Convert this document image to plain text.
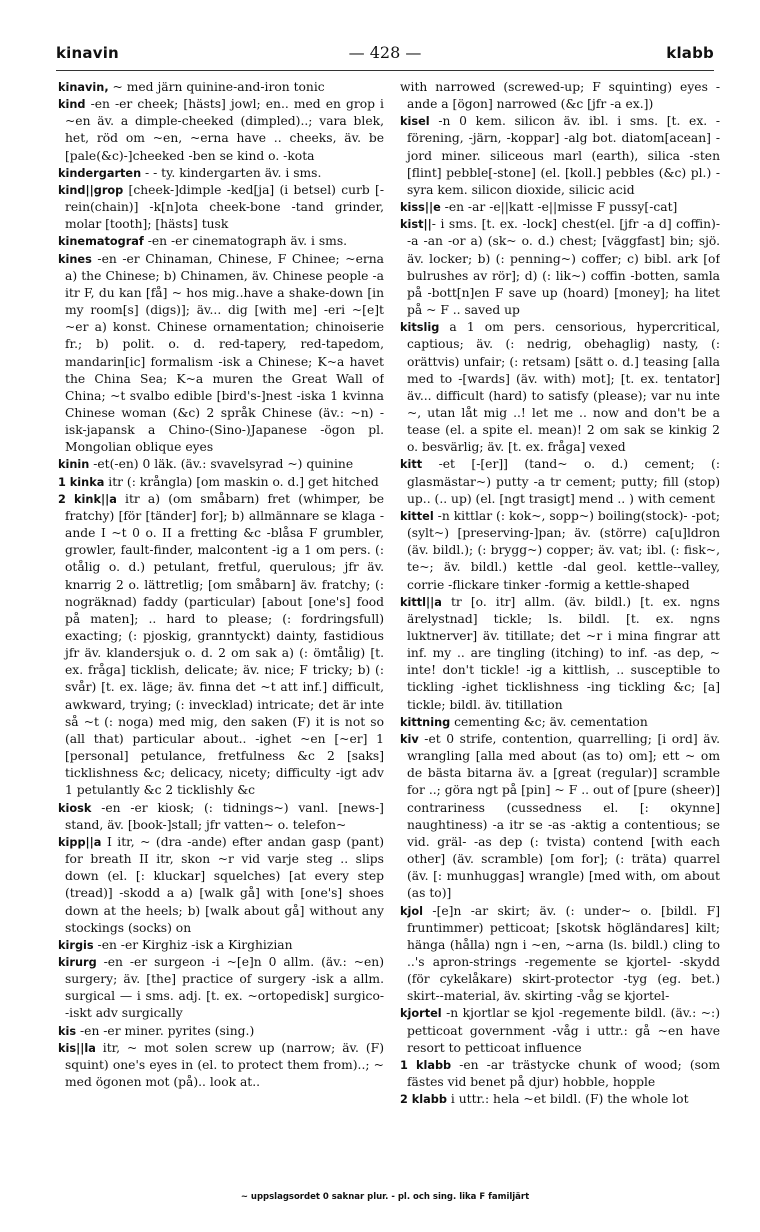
kinavin	— 428 —	klabb

kinavin, ~ med järn quinine-and-iron tonic

kind -en -er cheek; [hästs] jowl; en.. med en grop i ~en äv. a dimple-cheeked (dimpled)..; vara blek, het, röd om ~en, ~erna have .. cheeks, äv. be [pale(&c)-]cheeked -ben se kind o. -kota

kindergarten - - ty. kindergarten äv. i sms.

kind||grop [cheek-]dimple -ked[ja] (i betsel) curb [-rein(chain)] -k[n]ota cheek-bone -tand grinder, molar [tooth]; [hästs] tusk

kinematograf -en -er cinematograph äv. i sms.

kines -en -er Chinaman, Chinese, F Chinee; ~erna a) the Chinese; b) Chinamen, äv. Chinese people -a itr F, du kan [få] ~ hos mig..have a shake-down [in my room[s] (digs)]; äv... dig [with me] -eri ~[e]t ~er a) konst. Chinese ornamentation; chinoiserie fr.; b) polit. o. d. red-tapery, red-tapedom, mandarin[ic] formalism -isk a Chinese; K~a havet the China Sea; K~a muren the Great Wall of China; ~t svalbo edible [bird's-]nest -iska 1 kvinna Chinese woman (&c) 2 språk Chinese (äv.: ~n) -isk-japansk a Chino-(Sino-)Japanese -ögon pl. Mongolian oblique eyes

kinin -et(-en) 0 läk. (äv.: svavelsyrad ~) quinine

1 kinka itr (: krångla) [om maskin o. d.] get hitched

2 kink||a itr a) (om småbarn) fret (whimper, be fratchy) [för [tänder] for]; b) allmännare se klaga -ande I ~t 0 o. II a fretting &c -blåsa F grumbler, growler, fault-finder, malcontent -ig a 1 om pers. (: otålig o. d.) petulant, fretful, querulous; jfr äv. knarrig 2 o. lättretlig; [om småbarn] äv. fratchy; (: nogräknad) faddy (particular) [about [one's] food på maten]; .. hard to please; (: fordringsfull) exacting; (: pjoskig, granntyckt) dainty, fastidious jfr äv. klandersjuk o. d. 2 om sak a) (: ömtålig) [t. ex. fråga] ticklish, delicate; äv. nice; F tricky; b) (: svår) [t. ex. läge; äv. finna det ~t att inf.] difficult, awkward, trying; (: invecklad) intricate; det är inte så ~t (: noga) med mig, den saken (F) it is not so (all that) particular about.. -ighet ~en [~er] 1 [personal] petulance, fretfulness &c 2 [saks] ticklishness &c; delicacy, nicety; difficulty -igt adv 1 petulantly &c 2 ticklishly &c

kiosk -en -er kiosk; (: tidnings~) vanl. [news-] stand, äv. [book-]stall; jfr vatten~ o. telefon~

kipp||a I itr, ~ (dra -ande) efter andan gasp (pant) for breath II itr, skon ~r vid varje steg .. slips down (el. [: kluckar] squelches) [at every step (tread)] -skodd a a) [walk gå] with [one's] shoes down at the heels; b) [walk about gå] without any stockings (socks) on

kirgis -en -er Kirghiz -isk a Kirghizian

kirurg -en -er surgeon -i ~[e]n 0 allm. (äv.: ~en) surgery; äv. [the] practice of surgery -isk a allm. surgical — i sms. adj. [t. ex. ~ortopedisk] surgico- -iskt adv surgically

kis -en -er miner. pyrites (sing.)

kis||la itr, ~ mot solen screw up (narrow; äv. (F) squint) one's eyes in (el. to protect them from)..; ~ med ögonen mot (på).. look at..

with narrowed (screwed-up; F squinting) eyes -ande a [ögon] narrowed (&c [jfr -a ex.])

kisel -n 0 kem. silicon äv. ibl. i sms. [t. ex. -förening, -järn, -koppar] -alg bot. diatom[acean] -jord miner. siliceous marl (earth), silica -sten [flint] pebble[-stone] (el. [koll.] pebbles (&c) pl.) -syra kem. silicon dioxide, silicic acid

kiss||e -en -ar -e||katt -e||misse F pussy[-cat]

kist||- i sms. [t. ex. -lock] chest(el. [jfr -a d] coffin)- -a -an -or a) (sk~ o. d.) chest; [väggfast] bin; sjö. äv. locker; b) (: penning~) coffer; c) bibl. ark [of bulrushes av rör]; d) (: lik~) coffin -botten, samla på -bott[n]en F save up (hoard) [money]; ha litet på ~ F .. saved up

kitslig a 1 om pers. censorious, hypercritical, captious; äv. (: nedrig, obehaglig) nasty, (: orättvis) unfair; (: retsam) [sätt o. d.] teasing [alla med to -[wards] (äv. with) mot]; [t. ex. tentator] äv... difficult (hard) to satisfy (please); var nu inte ~, utan låt mig ..! let me .. now and don't be a tease (el. a spite el. mean)! 2 om sak se kinkig 2 o. besvärlig; äv. [t. ex. fråga] vexed

kitt -et [-[er]] (tand~ o. d.) cement; (: glasmästar~) putty -a tr cement; putty; fill (stop) up.. (.. up) (el. [ngt trasigt] mend .. ) with cement

kittel -n kittlar (: kok~, sopp~) boiling(stock)- -pot; (sylt~) [preserving-]pan; äv. (större) ca[u]ldron (äv. bildl.); (: brygg~) copper; äv. vat; ibl. (: fisk~, te~; äv. bildl.) kettle -dal geol. kettle--valley, corrie -flickare tinker -formig a kettle-shaped

kittl||a tr [o. itr] allm. (äv. bildl.) [t. ex. ngns ärelystnad] tickle; ls. bildl. [t. ex. ngns luktnerver] äv. titillate; det ~r i mina fingrar att inf. my .. are tingling (itching) to inf. -as dep, ~ inte! don't tickle! -ig a kittlish, .. susceptible to tickling -ighet ticklishness -ing tickling &c; [a] tickle; bildl. äv. titillation

kittning cementing &c; äv. cementation

kiv -et 0 strife, contention, quarrelling; [i ord] äv. wrangling [alla med about (as to) om]; ett ~ om de bästa bitarna äv. a [great (regular)] scramble for ..; göra ngt på [pin] ~ F .. out of [pure (sheer)] contrariness (cussedness el. [: okynne] naughtiness) -a itr se -as -aktig a contentious; se vid. gräl- -as dep (: tvista) contend [with each other] (äv. scramble) [om for]; (: träta) quarrel (äv. [: munhuggas] wrangle) [med with, om about (as to)]

kjol -[e]n -ar skirt; äv. (: under~ o. [bildl. F] fruntimmer) petticoat; [skotsk högländares] kilt; hänga (hålla) ngn i ~en, ~arna (ls. bildl.) cling to ..'s apron-strings -regemente se kjortel- -skydd (för cykelåkare) skirt-protector -tyg (eg. bet.) skirt--material, äv. skirting -våg se kjortel-

kjortel -n kjortlar se kjol -regemente bildl. (äv.: ~:) petticoat government -våg i uttr.: gå ~en have resort to petticoat influence

1 klabb -en -ar trästycke chunk of wood; (som fästes vid benet på djur) hobble, hopple

2 klabb i uttr.: hela ~et bildl. (F) the whole lot

~ uppslagsordet 0 saknar plur. - pl. och sing. lika F familjärt
